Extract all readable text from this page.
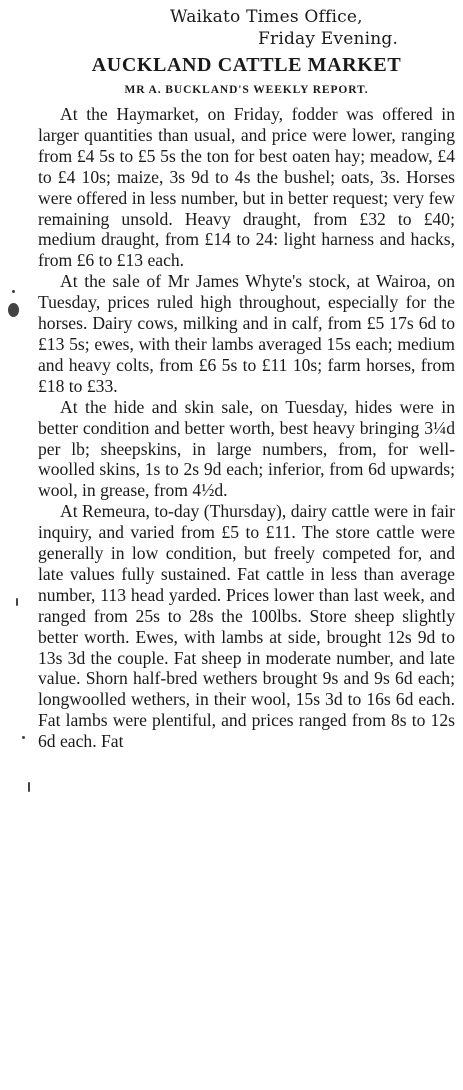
Waikato Times Office,

Friday Evening.

AUCKLAND CATTLE MARKET
MR A. BUCKLAND'S WEEKLY REPORT.

At the Haymarket, on Friday, fodder was offered in larger quantities than usual, and price were lower, ranging from £4 5s to £5 5s the ton for best oaten hay; meadow, £4 to £4 10s; maize, 3s 9d to 4s the bushel; oats, 3s. Horses were offered in less number, but in better request; very few remaining unsold. Heavy draught, from £32 to £40; medium draught, from £14 to 24: light harness and hacks, from £6 to £13 each.

At the sale of Mr James Whyte's stock, at Wairoa, on Tuesday, prices ruled high throughout, especially for the horses. Dairy cows, milking and in calf, from £5 17s 6d to £13 5s; ewes, with their lambs averaged 15s each; medium and heavy colts, from £6 5s to £11 10s; farm horses, from £18 to £33.

At the hide and skin sale, on Tuesday, hides were in better condition and better worth, best heavy bringing 3¼d per lb; sheepskins, in large numbers, from, for well-woolled skins, 1s to 2s 9d each; inferior, from 6d upwards; wool, in grease, from 4½d.

At Remeura, to-day (Thursday), dairy cattle were in fair inquiry, and varied from £5 to £11. The store cattle were generally in low condition, but freely competed for, and late values fully sustained. Fat cattle in less than average number, 113 head yarded. Prices lower than last week, and ranged from 25s to 28s the 100lbs. Store sheep slightly better worth. Ewes, with lambs at side, brought 12s 9d to 13s 3d the couple. Fat sheep in moderate number, and late value. Shorn half-bred wethers brought 9s and 9s 6d each; longwoolled wethers, in their wool, 15s 3d to 16s 6d each. Fat lambs were plentiful, and prices ranged from 8s to 12s 6d each. Fat
